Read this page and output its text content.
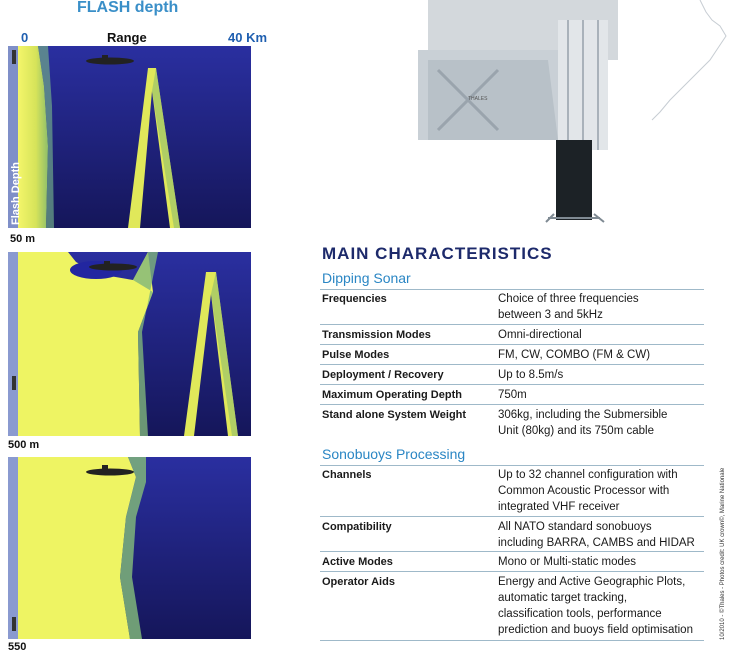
FLASH depth
0	Range	40 Km
Flash Depth
50 m
500 m
550
THALES
MAIN CHARACTERISTICS
Dipping Sonar
Frequencies	Choice of three frequencies
between 3 and 5kHz
Transmission Modes	Omni-directional
Pulse Modes	FM, CW, COMBO (FM & CW)
Deployment / Recovery	Up to 8.5m/s
Maximum Operating Depth	750m
Stand alone System Weight	306kg, including the Submersible
Unit (80kg) and its 750m cable
Sonobuoys Processing
Channels	Up to 32 channel configuration with
Common Acoustic Processor with
integrated VHF receiver
Compatibility	All NATO standard sonobuoys
including BARRA, CAMBS and HIDAR
Active Modes	Mono or Multi-static modes
Operator Aids	Energy and Active Geographic Plots,
automatic target tracking,
classification tools, performance
prediction and buoys field optimisation	10/2010 - ©Thales - Photos credit: UK crown©, Marine Nationale
